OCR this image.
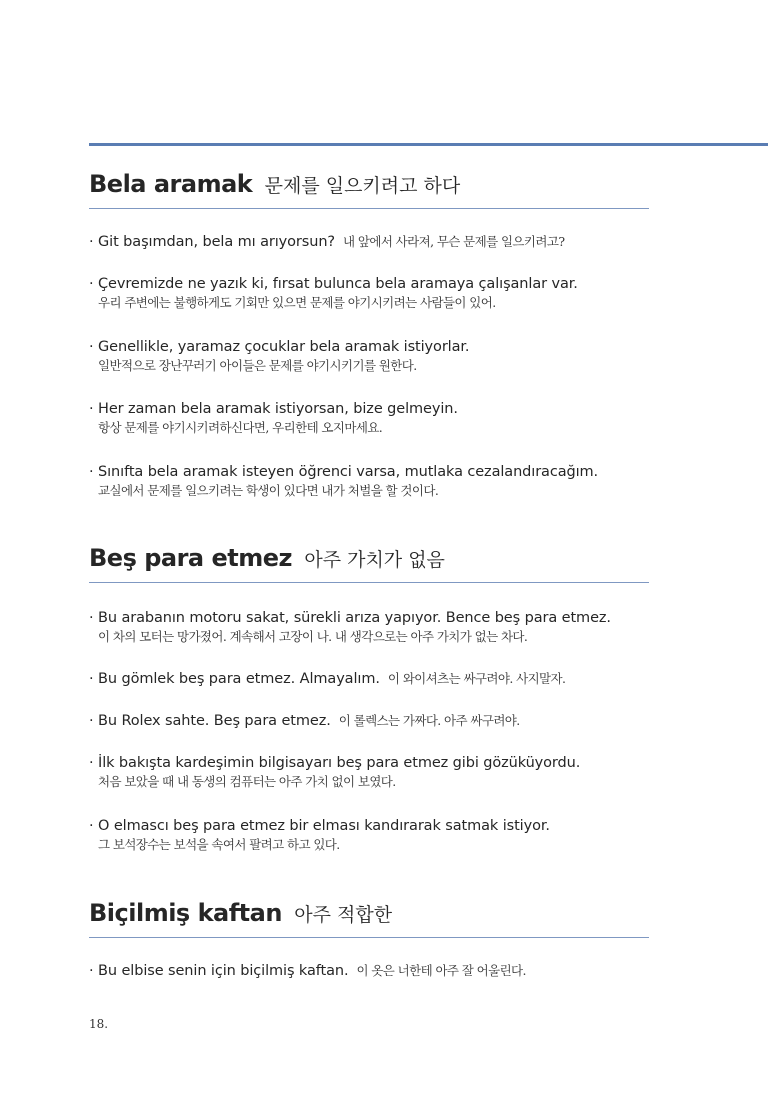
Bela aramak 문제를 일으키려고 하다
· Git başımdan, bela mı arıyorsun? 내 앞에서 사라져, 무슨 문제를 일으키려고?
· Çevremizde ne yazık ki, fırsat bulunca bela aramaya çalışanlar var.
우리 주변에는 불행하게도 기회만 있으면 문제를 야기시키려는 사람들이 있어.
· Genellikle, yaramaz çocuklar bela aramak istiyorlar.
일반적으로 장난꾸러기 아이들은 문제를 야기시키기를 원한다.
· Her zaman bela aramak istiyorsan, bize gelmeyin.
항상 문제를 야기시키려하신다면, 우리한테 오지마세요.
· Sınıfta bela aramak isteyen öğrenci varsa, mutlaka cezalandıracağım.
교실에서 문제를 일으키려는 학생이 있다면 내가 처벌을 할 것이다.
Beş para etmez 아주 가치가 없음
· Bu arabanın motoru sakat, sürekli arıza yapıyor. Bence beş para etmez.
이 차의 모터는 망가졌어. 계속해서 고장이 나. 내 생각으로는 아주 가치가 없는 차다.
· Bu gömlek beş para etmez. Almayalım. 이 와이셔츠는 싸구려야. 사지말자.
· Bu Rolex sahte. Beş para etmez. 이 롤렉스는 가짜다. 아주 싸구려야.
· İlk bakışta kardeşimin bilgisayarı beş para etmez gibi gözüküyordu.
처음 보았을 때 내 동생의 컴퓨터는 아주 가치 없이 보였다.
· O elmascı beş para etmez bir elması kandırarak satmak istiyor.
그 보석장수는 보석을 속여서 팔려고 하고 있다.
Biçilmiş kaftan 아주 적합한
· Bu elbise senin için biçilmiş kaftan. 이 옷은 너한테 아주 잘 어울린다.
18.
